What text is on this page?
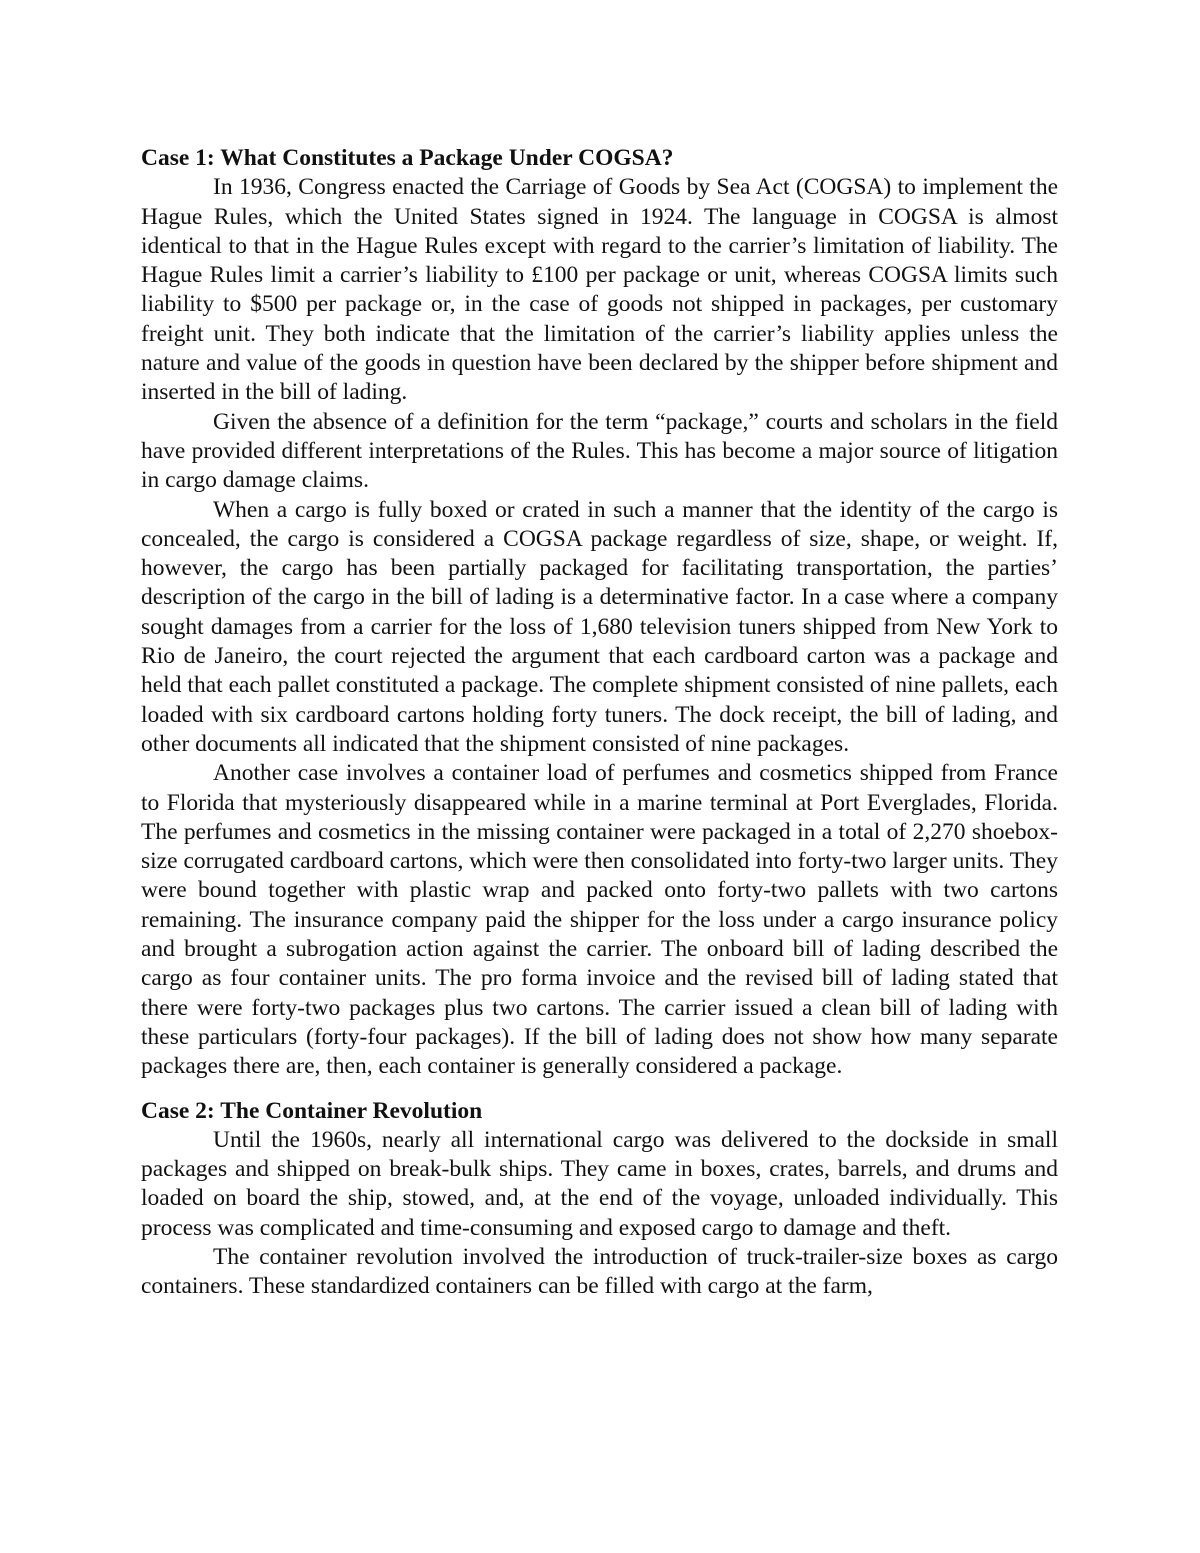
Case 1: What Constitutes a Package Under COGSA?

In 1936, Congress enacted the Carriage of Goods by Sea Act (COGSA) to implement the Hague Rules, which the United States signed in 1924. The language in COGSA is almost identical to that in the Hague Rules except with regard to the carrier’s limitation of liability. The Hague Rules limit a carrier’s liability to £100 per package or unit, whereas COGSA limits such liability to $500 per package or, in the case of goods not shipped in packages, per customary freight unit. They both indicate that the limitation of the carrier’s liability applies unless the nature and value of the goods in question have been declared by the shipper before shipment and inserted in the bill of lading.

Given the absence of a definition for the term “package,” courts and scholars in the field have provided different interpretations of the Rules. This has become a major source of litigation in cargo damage claims.

When a cargo is fully boxed or crated in such a manner that the identity of the cargo is concealed, the cargo is considered a COGSA package regardless of size, shape, or weight. If, however, the cargo has been partially packaged for facilitating transportation, the parties’ description of the cargo in the bill of lading is a determinative factor. In a case where a company sought damages from a carrier for the loss of 1,680 television tuners shipped from New York to Rio de Janeiro, the court rejected the argument that each cardboard carton was a package and held that each pallet constituted a package. The complete shipment consisted of nine pallets, each loaded with six cardboard cartons holding forty tuners. The dock receipt, the bill of lading, and other documents all indicated that the shipment consisted of nine packages.

Another case involves a container load of perfumes and cosmetics shipped from France to Florida that mysteriously disappeared while in a marine terminal at Port Everglades, Florida. The perfumes and cosmetics in the missing container were packaged in a total of 2,270 shoebox-size corrugated cardboard cartons, which were then consolidated into forty-two larger units. They were bound together with plastic wrap and packed onto forty-two pallets with two cartons remaining. The insurance company paid the shipper for the loss under a cargo insurance policy and brought a subrogation action against the carrier. The onboard bill of lading described the cargo as four container units. The pro forma invoice and the revised bill of lading stated that there were forty-two packages plus two cartons. The carrier issued a clean bill of lading with these particulars (forty-four packages). If the bill of lading does not show how many separate packages there are, then, each container is generally considered a package.

Case 2: The Container Revolution

Until the 1960s, nearly all international cargo was delivered to the dockside in small packages and shipped on break-bulk ships. They came in boxes, crates, barrels, and drums and loaded on board the ship, stowed, and, at the end of the voyage, unloaded individually. This process was complicated and time-consuming and exposed cargo to damage and theft.

The container revolution involved the introduction of truck-trailer-size boxes as cargo containers. These standardized containers can be filled with cargo at the farm,
